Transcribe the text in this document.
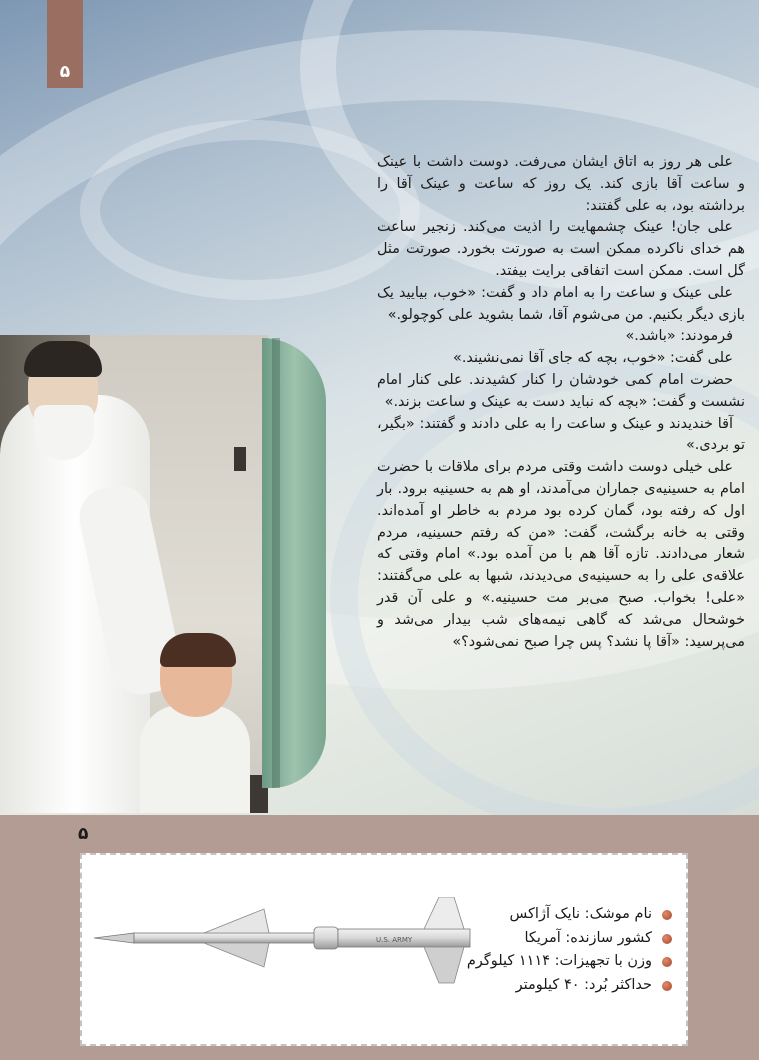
۵

علی هر روز به اتاق ایشان می‌رفت. دوست داشت با عینک و ساعت آقا بازی کند. یک روز که ساعت و عینک آقا را برداشته بود، به علی گفتند:

علی جان! عینک چشمهایت را اذیت می‌کند. زنجیر ساعت هم خدای ناکرده ممکن است به صورتت بخورد. صورتت مثل گل است. ممکن است اتفاقی برایت بیفتد.

علی عینک و ساعت را به امام داد و گفت: «خوب، بیایید یک بازی دیگر بکنیم. من می‌شوم آقا، شما بشوید علی کوچولو.»

فرمودند: «باشد.»

علی گفت: «خوب، بچه که جای آقا نمی‌نشیند.»

حضرت امام کمی خودشان را کنار کشیدند. علی کنار امام نشست و گفت: «بچه که نباید دست به عینک و ساعت بزند.»

آقا خندیدند و عینک و ساعت را به علی دادند و گفتند: «بگیر، تو بردی.»

علی خیلی دوست داشت وقتی مردم برای ملاقات با حضرت امام به حسینیه‌ی جماران می‌آمدند، او هم به حسینیه برود. بار اول که رفته بود، گمان کرده بود مردم به خاطر او آمده‌اند. وقتی به خانه برگشت، گفت: «من که رفتم حسینیه، مردم شعار می‌دادند. تازه آقا هم با من آمده بود.» امام وقتی که علاقه‌ی علی را به حسینیه‌ی می‌دیدند، شبها به علی می‌گفتند: «علی! بخواب. صبح می‌بر مت حسینیه.» و علی آن قدر خوشحال می‌شد که گاهی نیمه‌های شب بیدار می‌شد و می‌پرسید: «آقا پا نشد؟ پس چرا صبح نمی‌شود؟»

۵
U.S. ARMY
نام موشک: نایک آژاکس
کشور سازنده: آمریکا
وزن با تجهیزات: ۱۱۱۴ کیلوگرم
حداکثر بُرد: ۴۰ کیلومتر
